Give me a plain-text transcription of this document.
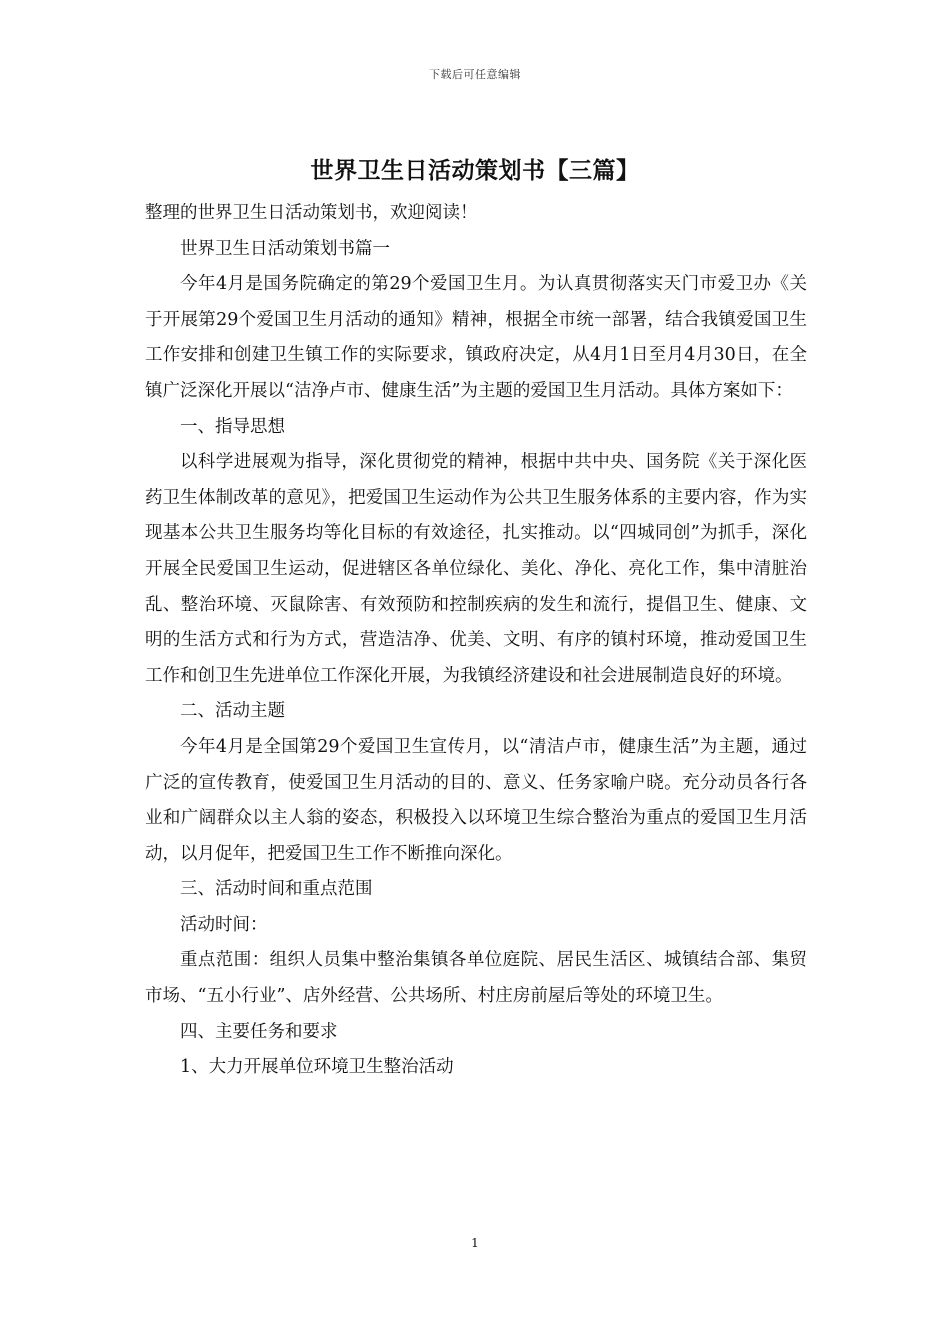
下载后可任意编辑
世界卫生日活动策划书【三篇】

整理的世界卫生日活动策划书，欢迎阅读！

世界卫生日活动策划书篇一

今年4月是国务院确定的第29个爱国卫生月。为认真贯彻落实天门市爱卫办《关于开展第29个爱国卫生月活动的通知》精神，根据全市统一部署，结合我镇爱国卫生工作安排和创建卫生镇工作的实际要求，镇政府决定，从4月1日至月4月30日，在全镇广泛深化开展以“洁净卢市、健康生活”为主题的爱国卫生月活动。具体方案如下：

一、指导思想

以科学进展观为指导，深化贯彻党的精神，根据中共中央、国务院《关于深化医药卫生体制改革的意见》，把爱国卫生运动作为公共卫生服务体系的主要内容，作为实现基本公共卫生服务均等化目标的有效途径，扎实推动。以“四城同创”为抓手，深化开展全民爱国卫生运动，促进辖区各单位绿化、美化、净化、亮化工作，集中清脏治乱、整治环境、灭鼠除害、有效预防和控制疾病的发生和流行，提倡卫生、健康、文明的生活方式和行为方式，营造洁净、优美、文明、有序的镇村环境，推动爱国卫生工作和创卫生先进单位工作深化开展，为我镇经济建设和社会进展制造良好的环境。

二、活动主题

今年4月是全国第29个爱国卫生宣传月，以“清洁卢市，健康生活”为主题，通过广泛的宣传教育，使爱国卫生月活动的目的、意义、任务家喻户晓。充分动员各行各业和广阔群众以主人翁的姿态，积极投入以环境卫生综合整治为重点的爱国卫生月活动，以月促年，把爱国卫生工作不断推向深化。

三、活动时间和重点范围

活动时间：

重点范围：组织人员集中整治集镇各单位庭院、居民生活区、城镇结合部、集贸市场、“五小行业”、店外经营、公共场所、村庄房前屋后等处的环境卫生。

四、主要任务和要求

1、大力开展单位环境卫生整治活动

1
